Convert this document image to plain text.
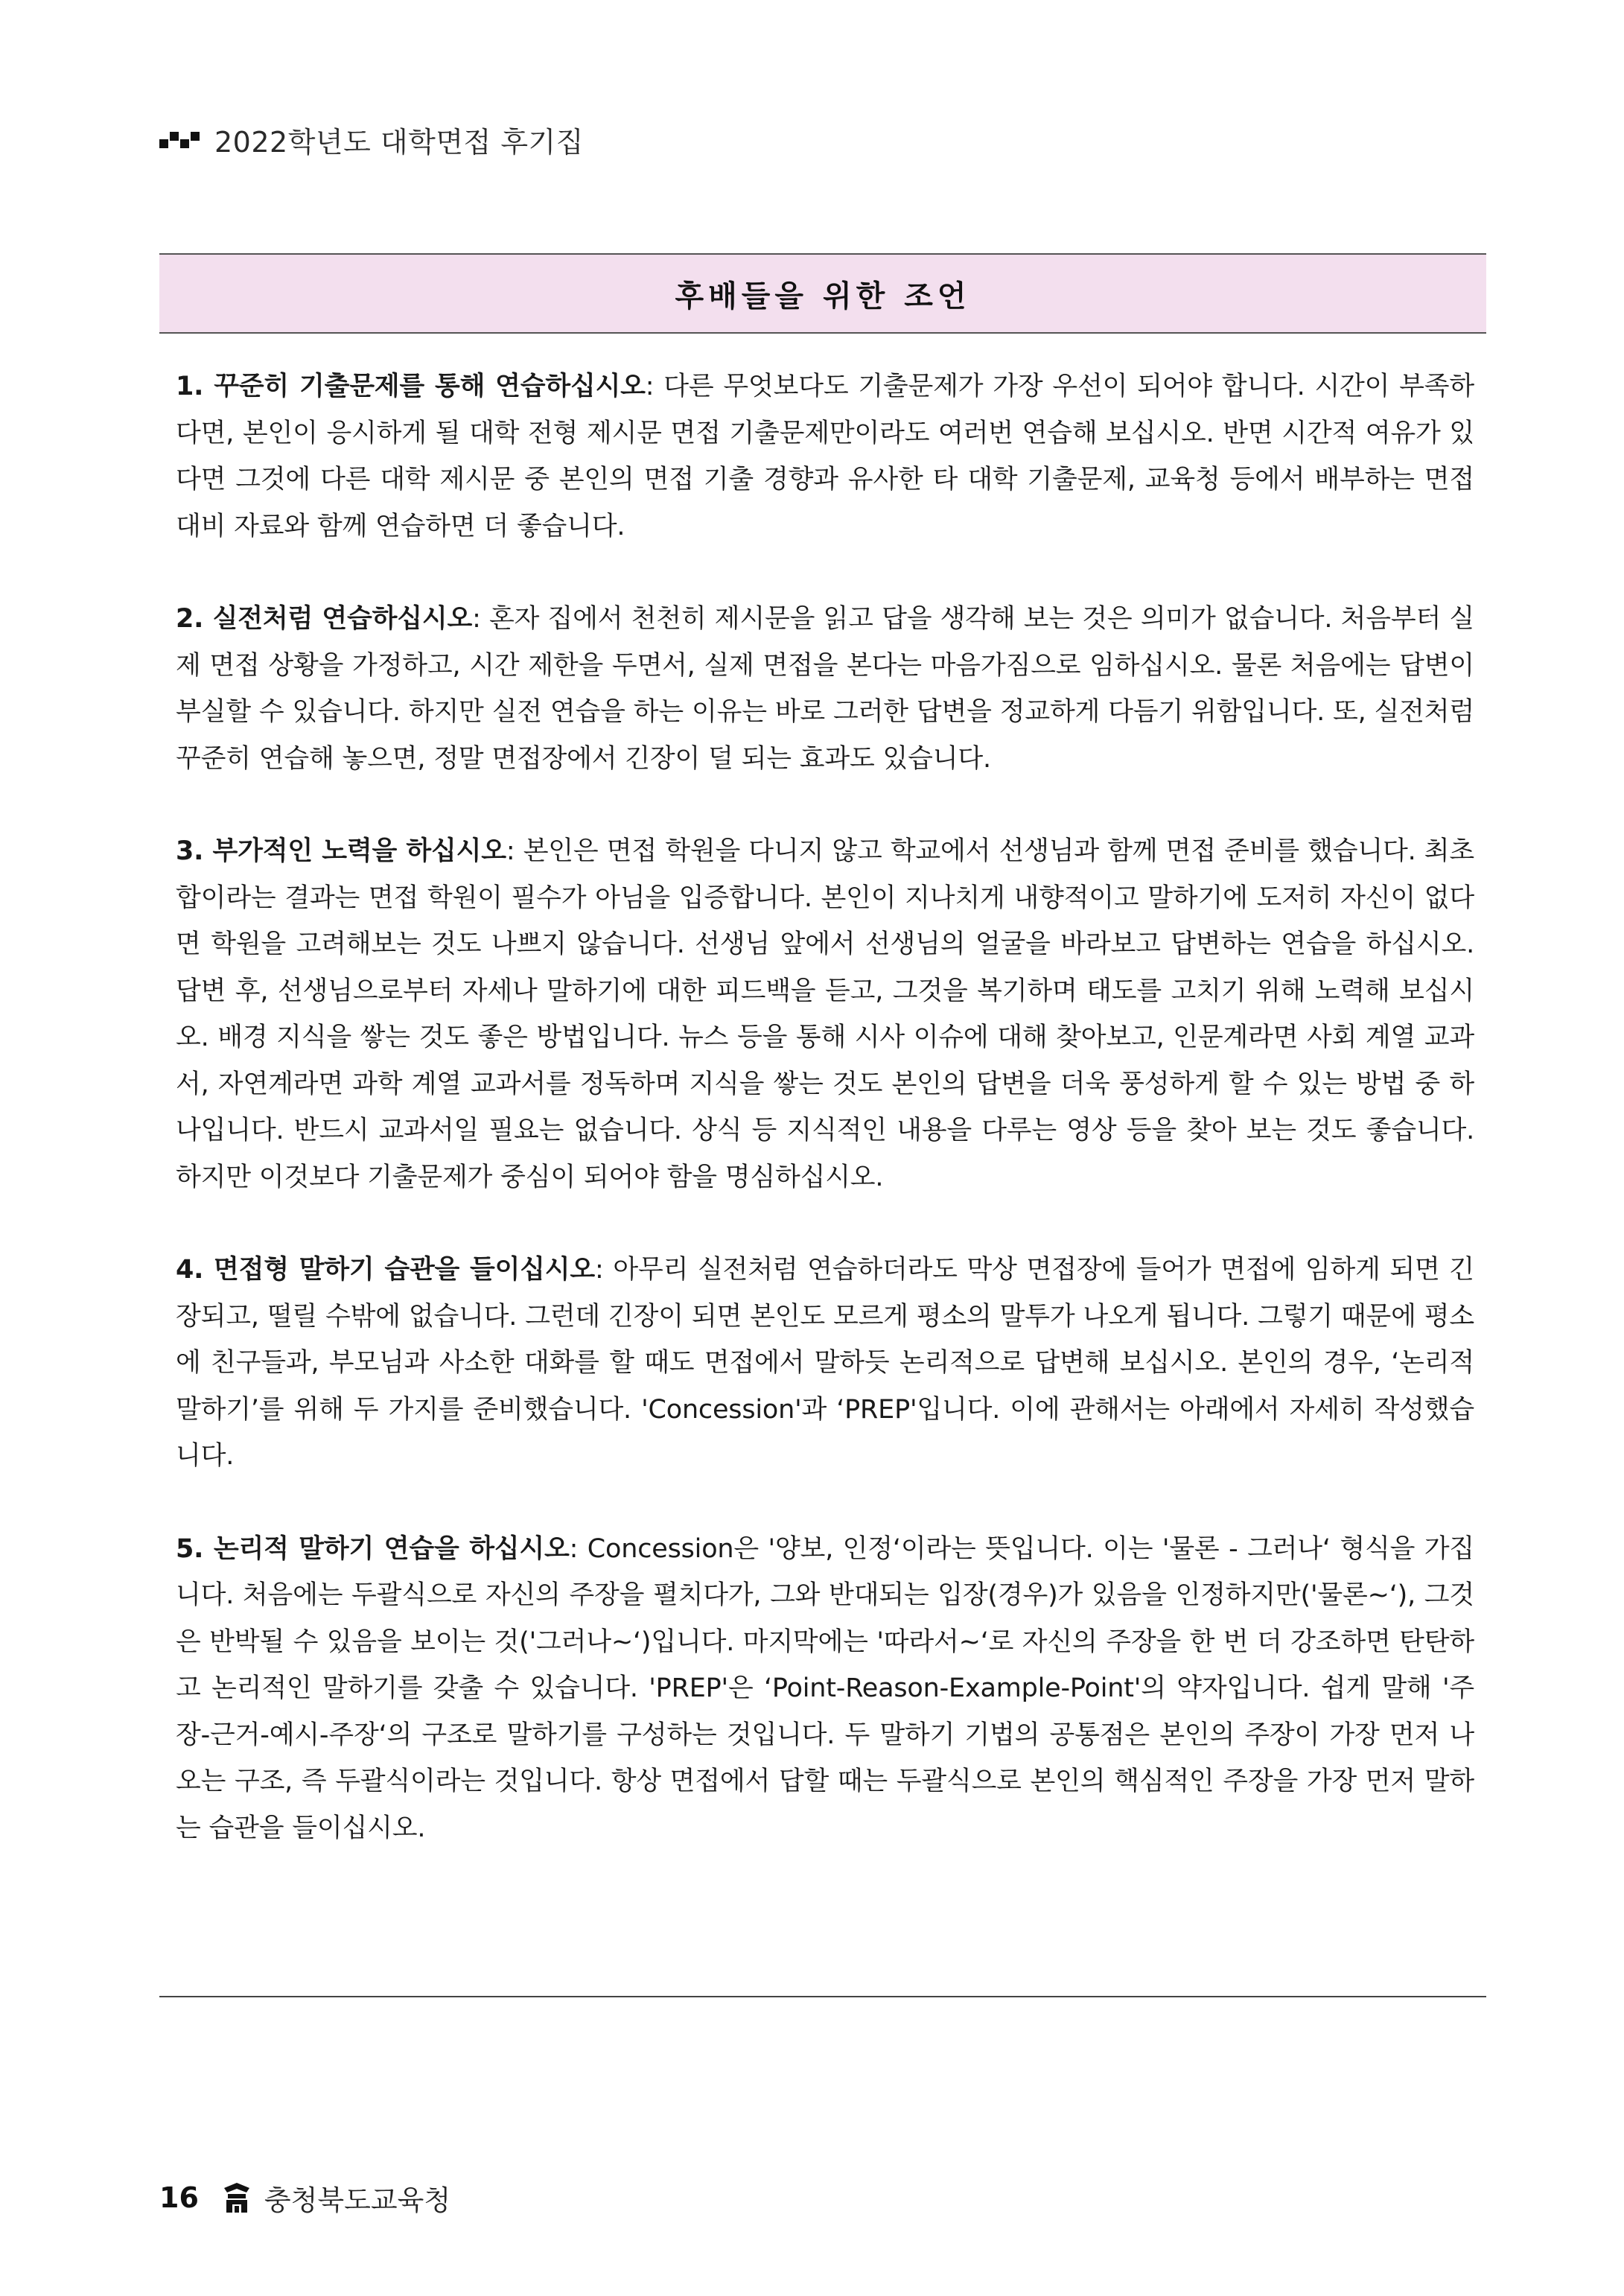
2022학년도 대학면접 후기집
후배들을 위한 조언

1. 꾸준히 기출문제를 통해 연습하십시오: 다른 무엇보다도 기출문제가 가장 우선이 되어야 합니다. 시간이 부족하다면, 본인이 응시하게 될 대학 전형 제시문 면접 기출문제만이라도 여러번 연습해 보십시오. 반면 시간적 여유가 있다면 그것에 다른 대학 제시문 중 본인의 면접 기출 경향과 유사한 타 대학 기출문제, 교육청 등에서 배부하는 면접 대비 자료와 함께 연습하면 더 좋습니다.

2. 실전처럼 연습하십시오: 혼자 집에서 천천히 제시문을 읽고 답을 생각해 보는 것은 의미가 없습니다. 처음부터 실제 면접 상황을 가정하고, 시간 제한을 두면서, 실제 면접을 본다는 마음가짐으로 임하십시오. 물론 처음에는 답변이 부실할 수 있습니다. 하지만 실전 연습을 하는 이유는 바로 그러한 답변을 정교하게 다듬기 위함입니다. 또, 실전처럼 꾸준히 연습해 놓으면, 정말 면접장에서 긴장이 덜 되는 효과도 있습니다.

3. 부가적인 노력을 하십시오: 본인은 면접 학원을 다니지 않고 학교에서 선생님과 함께 면접 준비를 했습니다. 최초합이라는 결과는 면접 학원이 필수가 아님을 입증합니다. 본인이 지나치게 내향적이고 말하기에 도저히 자신이 없다면 학원을 고려해보는 것도 나쁘지 않습니다. 선생님 앞에서 선생님의 얼굴을 바라보고 답변하는 연습을 하십시오. 답변 후, 선생님으로부터 자세나 말하기에 대한 피드백을 듣고, 그것을 복기하며 태도를 고치기 위해 노력해 보십시오. 배경 지식을 쌓는 것도 좋은 방법입니다. 뉴스 등을 통해 시사 이슈에 대해 찾아보고, 인문계라면 사회 계열 교과서, 자연계라면 과학 계열 교과서를 정독하며 지식을 쌓는 것도 본인의 답변을 더욱 풍성하게 할 수 있는 방법 중 하나입니다. 반드시 교과서일 필요는 없습니다. 상식 등 지식적인 내용을 다루는 영상 등을 찾아 보는 것도 좋습니다. 하지만 이것보다 기출문제가 중심이 되어야 함을 명심하십시오.

4. 면접형 말하기 습관을 들이십시오: 아무리 실전처럼 연습하더라도 막상 면접장에 들어가 면접에 임하게 되면 긴장되고, 떨릴 수밖에 없습니다. 그런데 긴장이 되면 본인도 모르게 평소의 말투가 나오게 됩니다. 그렇기 때문에 평소에 친구들과, 부모님과 사소한 대화를 할 때도 면접에서 말하듯 논리적으로 답변해 보십시오. 본인의 경우, ‘논리적 말하기’를 위해 두 가지를 준비했습니다. 'Concession'과 ‘PREP'입니다. 이에 관해서는 아래에서 자세히 작성했습니다.

5. 논리적 말하기 연습을 하십시오: Concession은 '양보, 인정‘이라는 뜻입니다. 이는 '물론 - 그러나‘ 형식을 가집니다. 처음에는 두괄식으로 자신의 주장을 펼치다가, 그와 반대되는 입장(경우)가 있음을 인정하지만('물론~‘), 그것은 반박될 수 있음을 보이는 것('그러나~‘)입니다. 마지막에는 '따라서~‘로 자신의 주장을 한 번 더 강조하면 탄탄하고 논리적인 말하기를 갖출 수 있습니다. 'PREP'은 ‘Point-Reason-Example-Point'의 약자입니다. 쉽게 말해 '주장-근거-예시-주장‘의 구조로 말하기를 구성하는 것입니다. 두 말하기 기법의 공통점은 본인의 주장이 가장 먼저 나오는 구조, 즉 두괄식이라는 것입니다. 항상 면접에서 답할 때는 두괄식으로 본인의 핵심적인 주장을 가장 먼저 말하는 습관을 들이십시오.

16 충청북도교육청
